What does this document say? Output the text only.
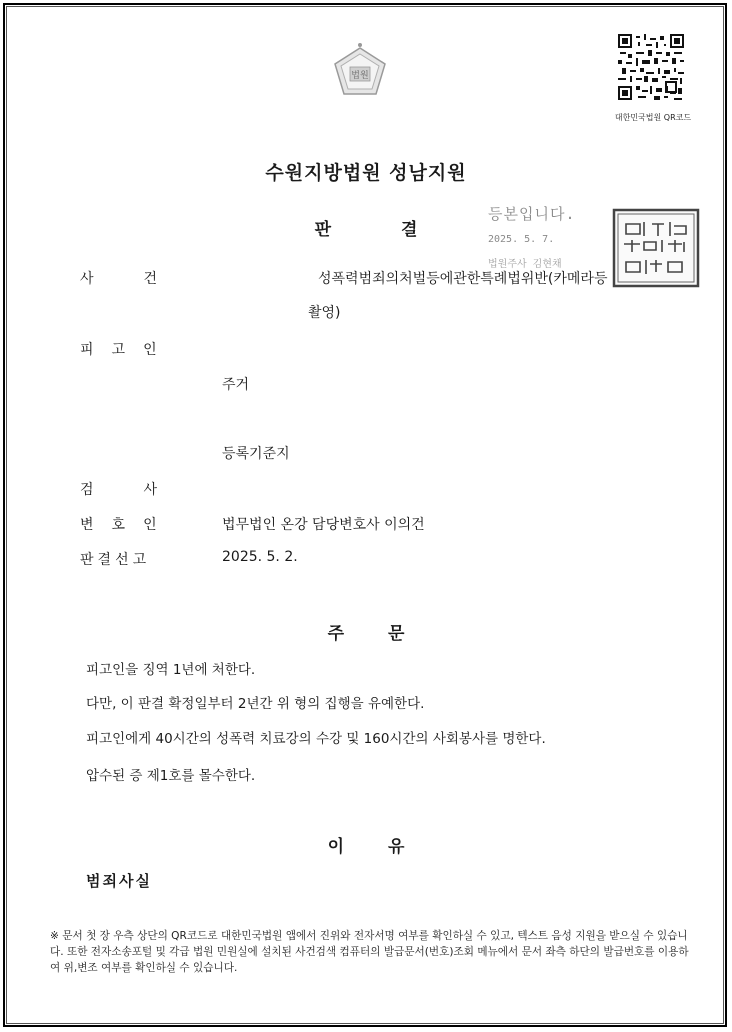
법원
대한민국법원 QR코드
수원지방법원 성남지원
판	결
등본입니다.
2025. 5. 7.
법원주사 김현채
대한민국법원행정처
사	건	성폭력범죄의처벌등에관한특례법위반(카메라등
촬영)
피 고 인
주거
등록기준지
검	사
변 호 인	법무법인 온강 담당변호사 이의건
판 결 선 고	2025. 5. 2.
주	문
피고인을 징역 1년에 처한다.
다만, 이 판결 확정일부터 2년간 위 형의 집행을 유예한다.
피고인에게 40시간의 성폭력 치료강의 수강 및 160시간의 사회봉사를 명한다.
압수된 증 제1호를 몰수한다.
이	유
범죄사실
※ 문서 첫 장 우측 상단의 QR코드로 대한민국법원 앱에서 진위와 전자서명 여부를 확인하실 수 있고, 텍스트 음성 지원을 받으실 수 있습니다. 또한 전자소송포털 및 각급 법원 민원실에 설치된 사건검색 컴퓨터의 발급문서(번호)조회 메뉴에서 문서 좌측 하단의 발급번호를 이용하여 위,변조 여부를 확인하실 수 있습니다.
